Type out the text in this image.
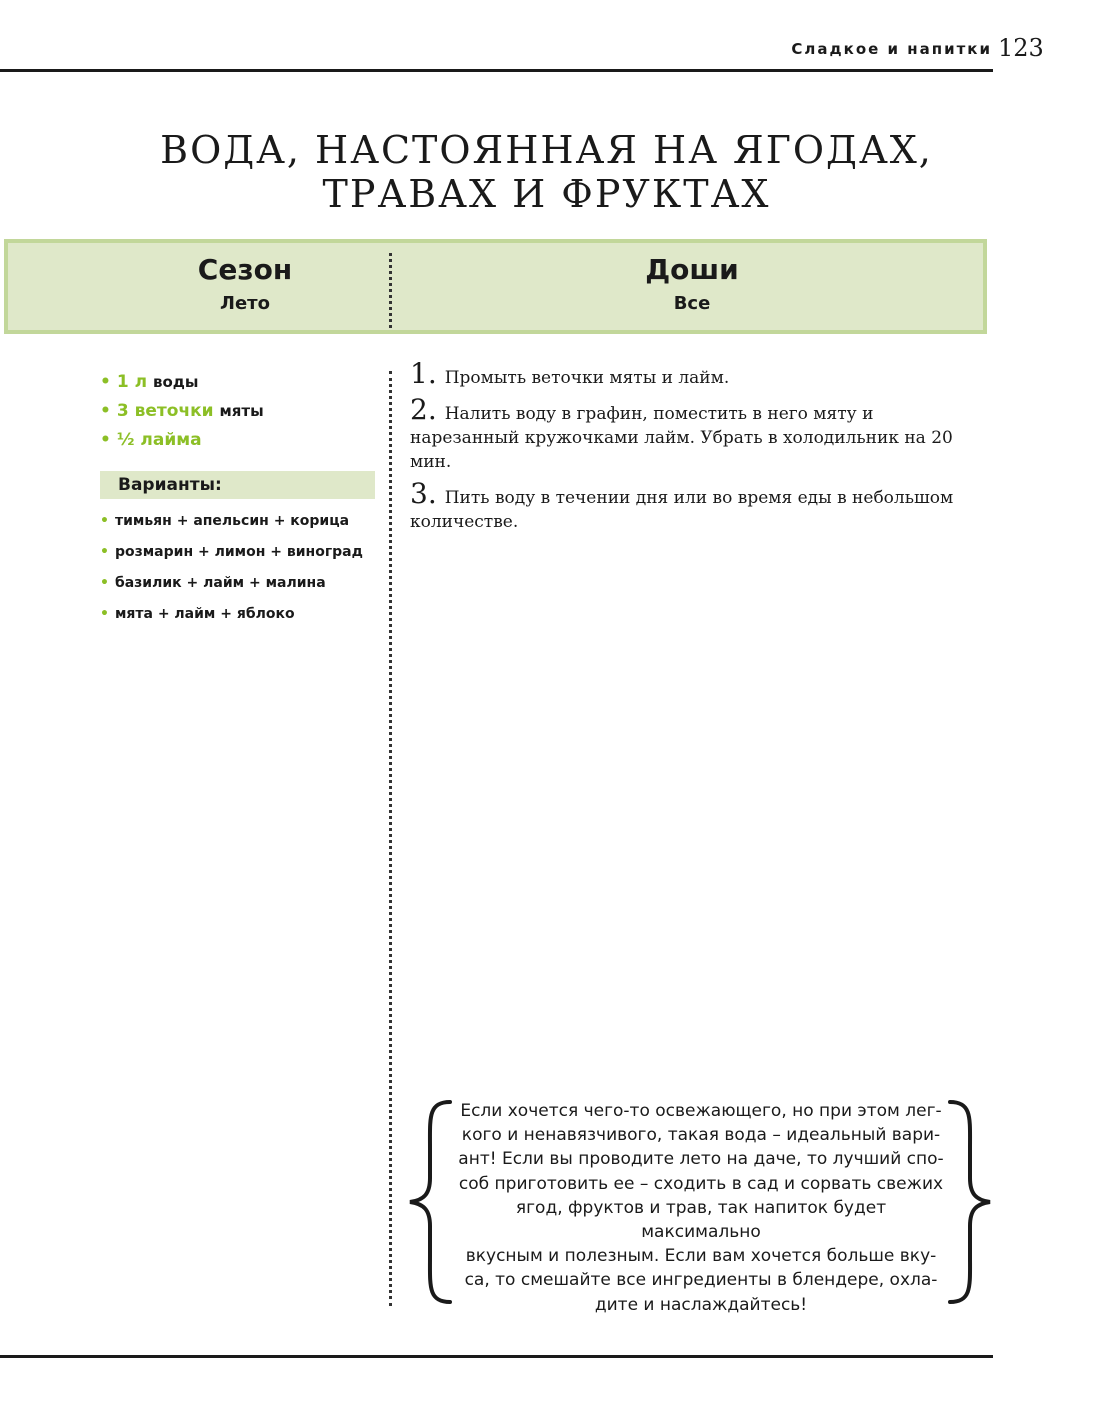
Сладкое и напитки 123
ВОДА, НАСТОЯННАЯ НА ЯГОДАХ,
ТРАВАХ И ФРУКТАХ
Сезон
Лето
Доши
Все
• 1 л воды
• 3 веточки мяты
• ½ лайма
Варианты:
• тимьян + апельсин + корица
• розмарин + лимон + виноград
• базилик + лайм + малина
• мята + лайм + яблоко
1. Промыть веточки мяты и лайм.
2. Налить воду в графин, поместить в него мяту и нарезанный кружочками лайм. Убрать в холодильник на 20 мин.
3. Пить воду в течении дня или во время еды в небольшом количестве.
Если хочется чего-то освежающего, но при этом лег-
кого и ненавязчивого, такая вода – идеальный вари-
ант! Если вы проводите лето на даче, то лучший спо-
соб приготовить ее – сходить в сад и сорвать свежих
ягод, фруктов и трав, так напиток будет максимально
вкусным и полезным. Если вам хочется больше вку-
са, то смешайте все ингредиенты в блендере, охла-
дите и наслаждайтесь!
